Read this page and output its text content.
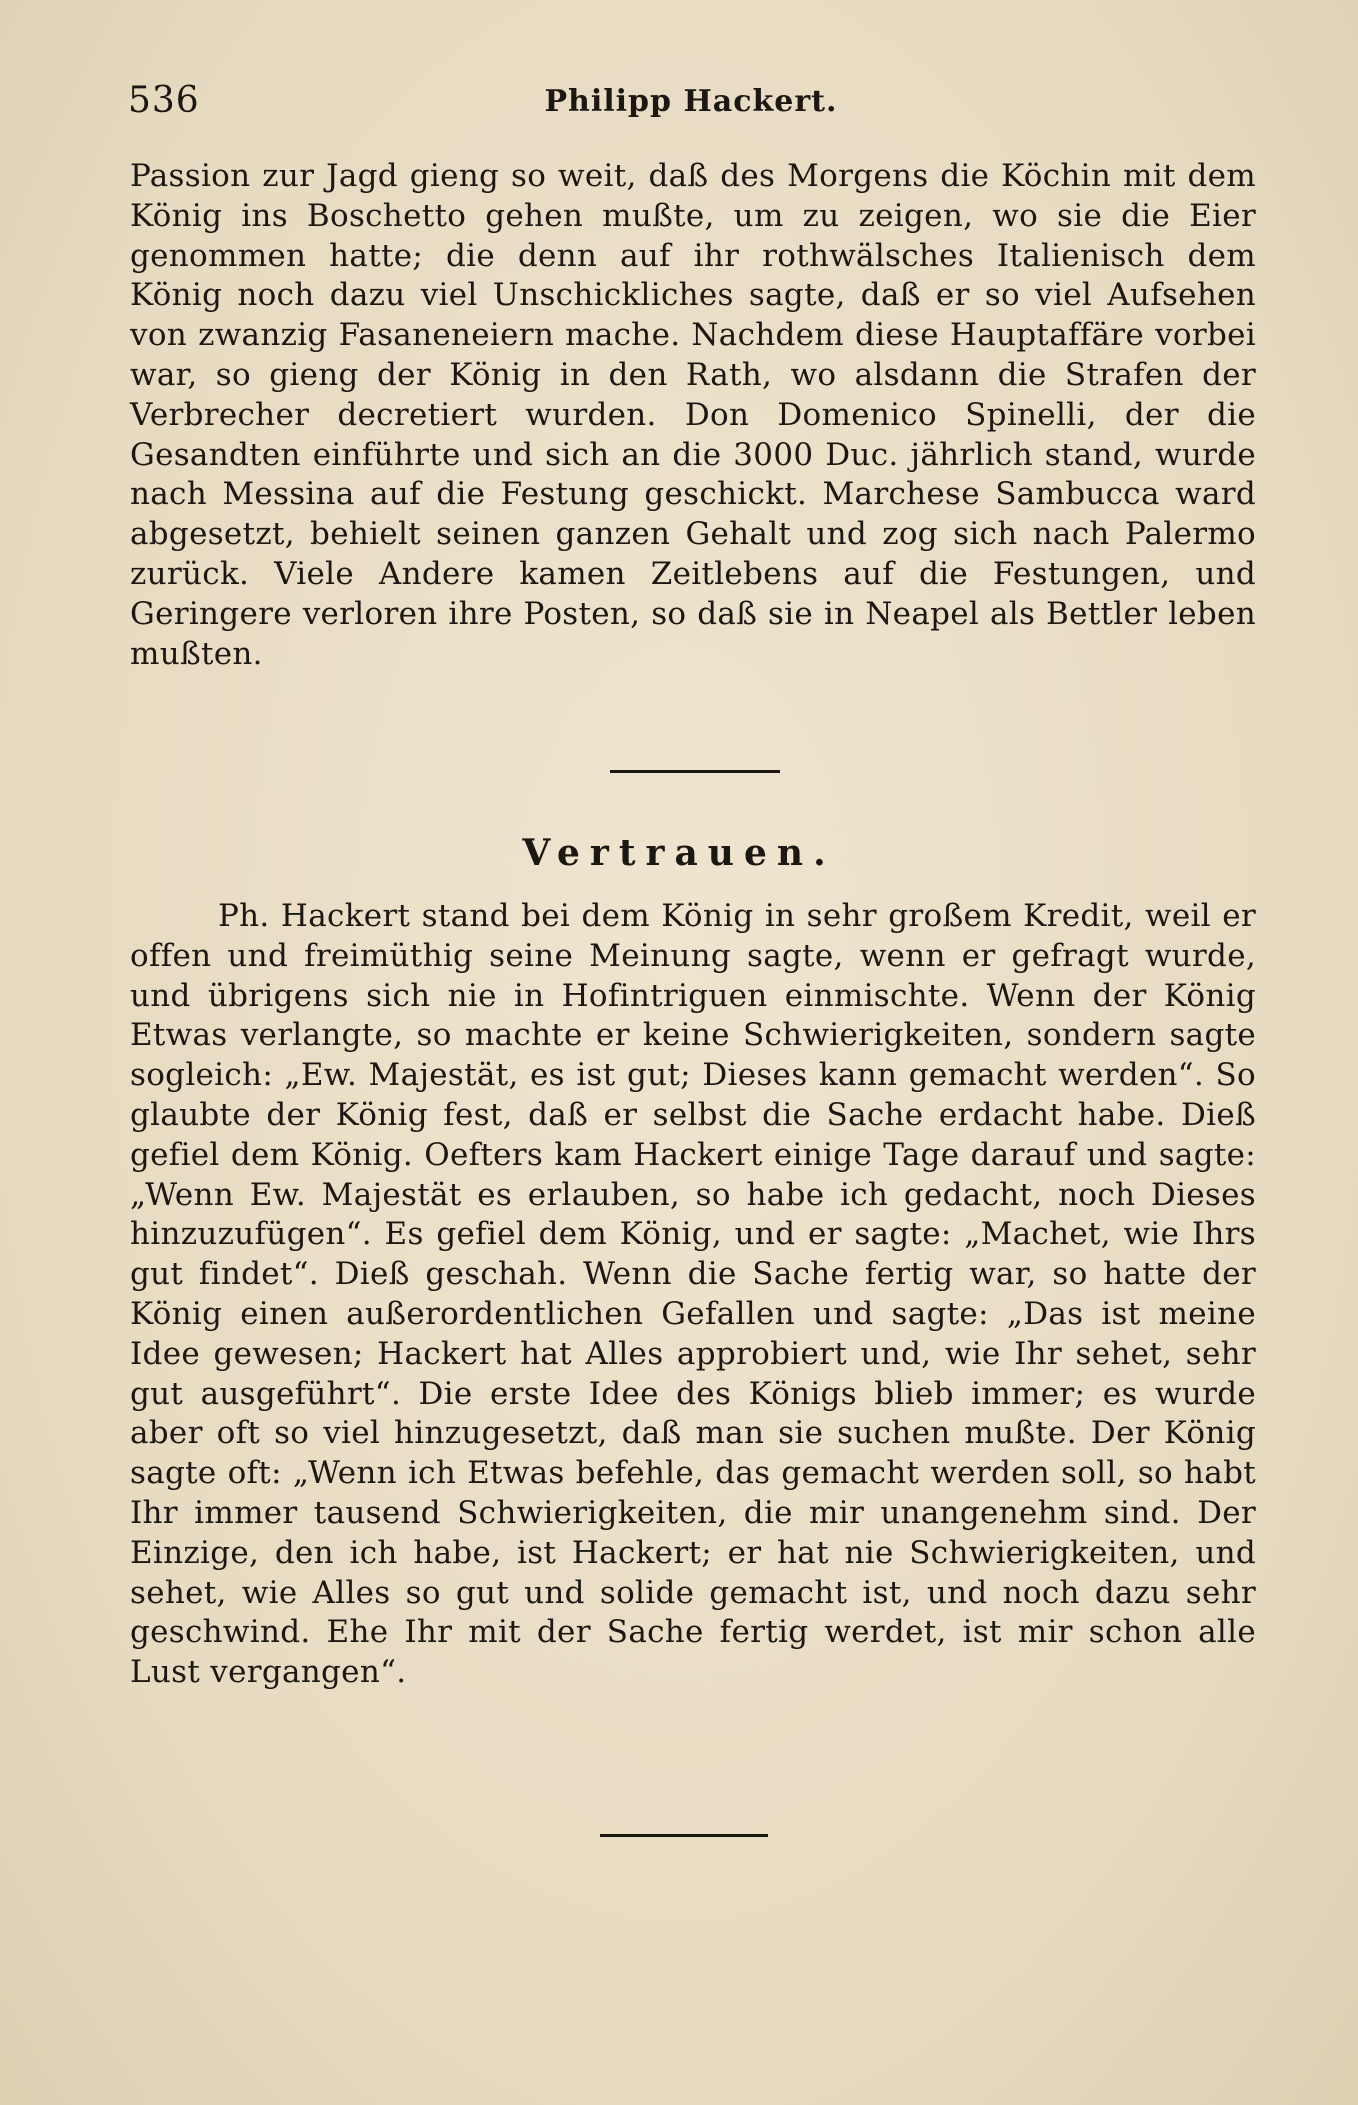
536	Philipp Hackert.

Passion zur Jagd gieng so weit, daß des Morgens die Köchin mit dem König ins Boschetto gehen mußte, um zu zeigen, wo sie die Eier genommen hatte; die denn auf ihr rothwälsches Italienisch dem König noch dazu viel Unschickliches sagte, daß er so viel Aufsehen von zwanzig Fasaneneiern mache. Nachdem diese Hauptaffäre vorbei war, so gieng der König in den Rath, wo alsdann die Strafen der Verbrecher decretiert wurden. Don Domenico Spinelli, der die Gesandten einführte und sich an die 3000 Duc. jährlich stand, wurde nach Messina auf die Festung geschickt. Marchese Sambucca ward abgesetzt, behielt seinen ganzen Gehalt und zog sich nach Palermo zurück. Viele Andere kamen Zeitlebens auf die Festungen, und Geringere verloren ihre Posten, so daß sie in Neapel als Bettler leben mußten.

Vertrauen.

Ph. Hackert stand bei dem König in sehr großem Kredit, weil er offen und freimüthig seine Meinung sagte, wenn er gefragt wurde, und übrigens sich nie in Hofintriguen einmischte. Wenn der König Etwas verlangte, so machte er keine Schwierigkeiten, sondern sagte sogleich: „Ew. Majestät, es ist gut; Dieses kann gemacht werden“. So glaubte der König fest, daß er selbst die Sache erdacht habe. Dieß gefiel dem König. Oefters kam Hackert einige Tage darauf und sagte: „Wenn Ew. Majestät es erlauben, so habe ich gedacht, noch Dieses hinzuzufügen“. Es gefiel dem König, und er sagte: „Machet, wie Ihrs gut findet“. Dieß geschah. Wenn die Sache fertig war, so hatte der König einen außerordentlichen Gefallen und sagte: „Das ist meine Idee gewesen; Hackert hat Alles approbiert und, wie Ihr sehet, sehr gut ausgeführt“. Die erste Idee des Königs blieb immer; es wurde aber oft so viel hinzugesetzt, daß man sie suchen mußte. Der König sagte oft: „Wenn ich Etwas befehle, das gemacht werden soll, so habt Ihr immer tausend Schwierigkeiten, die mir unangenehm sind. Der Einzige, den ich habe, ist Hackert; er hat nie Schwierigkeiten, und sehet, wie Alles so gut und solide gemacht ist, und noch dazu sehr geschwind. Ehe Ihr mit der Sache fertig werdet, ist mir schon alle Lust vergangen“.
